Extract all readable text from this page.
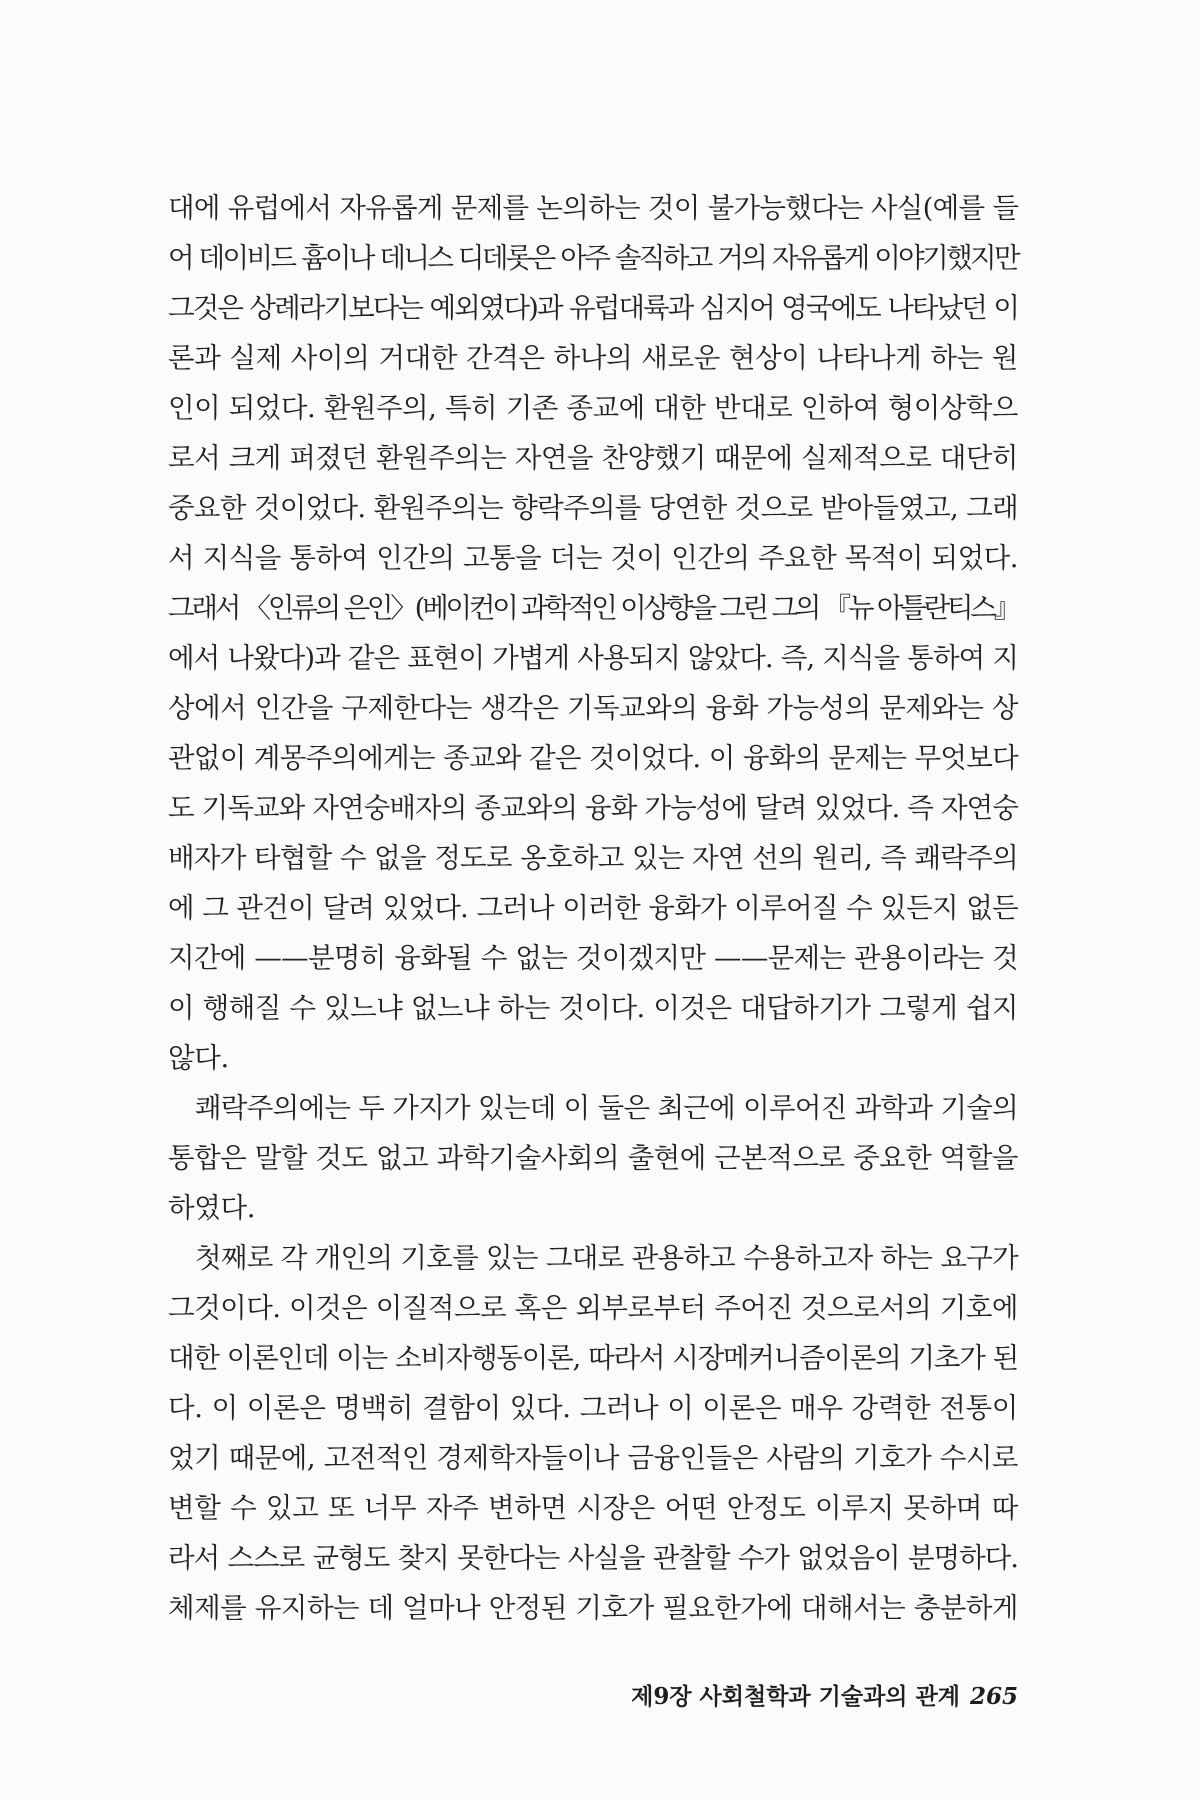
대에 유럽에서 자유롭게 문제를 논의하는 것이 불가능했다는 사실(예를 들
어 데이비드 흄이나 데니스 디데롯은 아주 솔직하고 거의 자유롭게 이야기했지만
그것은 상례라기보다는 예외였다)과 유럽대륙과 심지어 영국에도 나타났던 이
론과 실제 사이의 거대한 간격은 하나의 새로운 현상이 나타나게 하는 원
인이 되었다. 환원주의, 특히 기존 종교에 대한 반대로 인하여 형이상학으
로서 크게 퍼졌던 환원주의는 자연을 찬양했기 때문에 실제적으로 대단히
중요한 것이었다. 환원주의는 향락주의를 당연한 것으로 받아들였고, 그래
서 지식을 통하여 인간의 고통을 더는 것이 인간의 주요한 목적이 되었다.
그래서 〈인류의 은인〉(베이컨이 과학적인 이상향을 그린 그의 『뉴 아틀란티스』
에서 나왔다)과 같은 표현이 가볍게 사용되지 않았다. 즉, 지식을 통하여 지
상에서 인간을 구제한다는 생각은 기독교와의 융화 가능성의 문제와는 상
관없이 계몽주의에게는 종교와 같은 것이었다. 이 융화의 문제는 무엇보다
도 기독교와 자연숭배자의 종교와의 융화 가능성에 달려 있었다. 즉 자연숭
배자가 타협할 수 없을 정도로 옹호하고 있는 자연 선의 원리, 즉 쾌락주의
에 그 관건이 달려 있었다. 그러나 이러한 융화가 이루어질 수 있든지 없든
지간에 ——분명히 융화될 수 없는 것이겠지만 ——문제는 관용이라는 것
이 행해질 수 있느냐 없느냐 하는 것이다. 이것은 대답하기가 그렇게 쉽지
않다.

쾌락주의에는 두 가지가 있는데 이 둘은 최근에 이루어진 과학과 기술의
통합은 말할 것도 없고 과학기술사회의 출현에 근본적으로 중요한 역할을
하였다.

첫째로 각 개인의 기호를 있는 그대로 관용하고 수용하고자 하는 요구가
그것이다. 이것은 이질적으로 혹은 외부로부터 주어진 것으로서의 기호에
대한 이론인데 이는 소비자행동이론, 따라서 시장메커니즘이론의 기초가 된
다. 이 이론은 명백히 결함이 있다. 그러나 이 이론은 매우 강력한 전통이
었기 때문에, 고전적인 경제학자들이나 금융인들은 사람의 기호가 수시로
변할 수 있고 또 너무 자주 변하면 시장은 어떤 안정도 이루지 못하며 따
라서 스스로 균형도 찾지 못한다는 사실을 관찰할 수가 없었음이 분명하다.
체제를 유지하는 데 얼마나 안정된 기호가 필요한가에 대해서는 충분하게

제9장 사회철학과 기술과의 관계 265
